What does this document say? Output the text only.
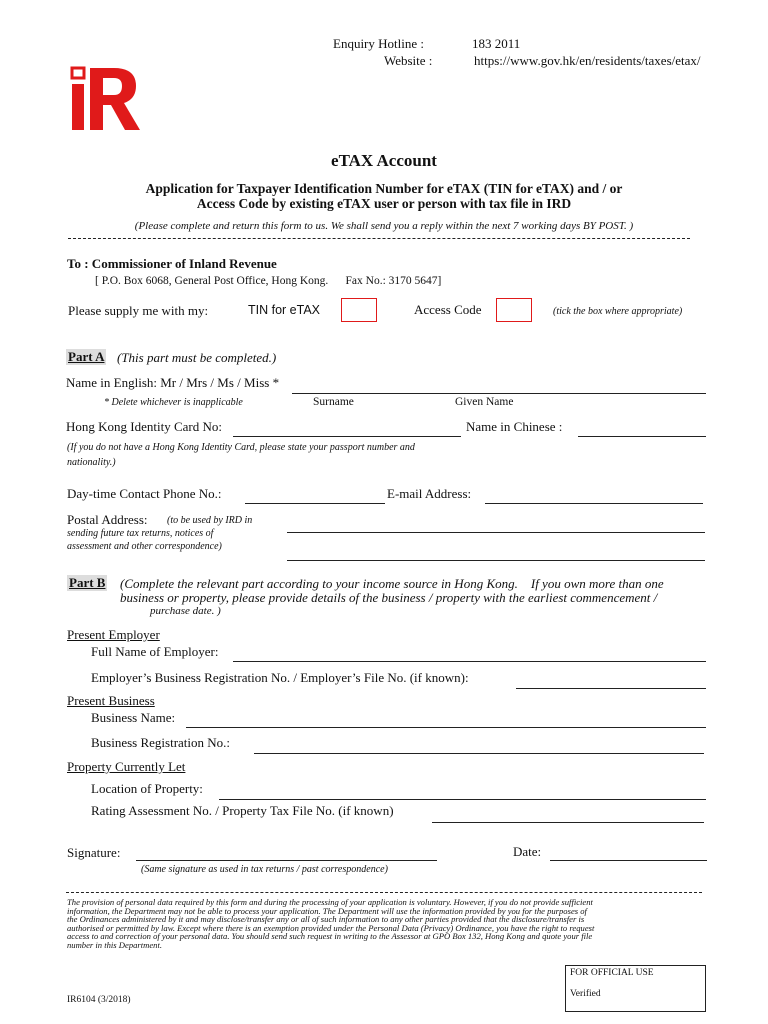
Enquiry Hotline :	183 2011
Website :	https://www.gov.hk/en/residents/taxes/etax/
eTAX Account
Application for Taxpayer Identification Number for eTAX (TIN for eTAX) and / or
Access Code by existing eTAX user or person with tax file in IRD
(Please complete and return this form to us. We shall send you a reply within the next 7 working days BY POST. )
To : Commissioner of Inland Revenue
[ P.O. Box 6068, General Post Office, Hong Kong.      Fax No.: 3170 5647]
Please supply me with my:	TIN for eTAX	Access Code	(tick the box where appropriate)
Part A (This part must be completed.)
Name in English: Mr / Mrs / Ms / Miss *
* Delete whichever is inapplicable	Surname	Given Name
Hong Kong Identity Card No:	Name in Chinese :
(If you do not have a Hong Kong Identity Card, please state your passport number and
nationality.)
Day-time Contact Phone No.:	E-mail Address:
Postal Address: (to be used by IRD in
sending future tax returns, notices of
assessment and other correspondence)
Part B (Complete the relevant part according to your income source in Hong Kong.    If you own more than one
business or property, please provide details of the business / property with the earliest commencement /
purchase date. )
Present Employer
Full Name of Employer:
Employer’s Business Registration No. / Employer’s File No. (if known):
Present Business
Business Name:
Business Registration No.:
Property Currently Let
Location of Property:
Rating Assessment No. / Property Tax File No. (if known)
Signature:
(Same signature as used in tax returns / past correspondence)
Date:
The provision of personal data required by this form and during the processing of your application is voluntary. However, if you do not provide sufficient
information, the Department may not be able to process your application. The Department will use the information provided by you for the purposes of
the Ordinances administered by it and may disclose/transfer any or all of such information to any other parties provided that the disclosure/transfer is
authorised or permitted by law. Except where there is an exemption provided under the Personal Data (Privacy) Ordinance, you have the right to request
access to and correction of your personal data. You should send such request in writing to the Assessor at GPO Box 132, Hong Kong and quote your file
number in this Department.
FOR OFFICIAL USE
Verified
IR6104 (3/2018)
